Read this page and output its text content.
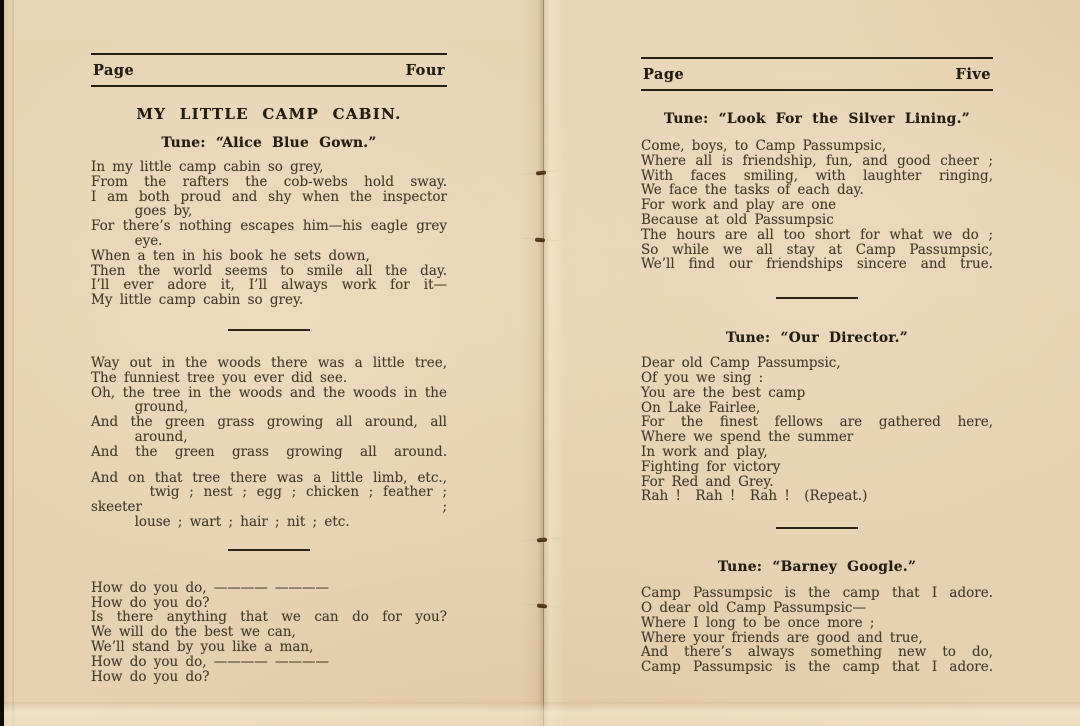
Page	Four
MY LITTLE CAMP CABIN.
Tune: “Alice Blue Gown.”
In my little camp cabin so grey,
From the rafters the cob-webs hold sway.
I am both proud and shy when the inspector
goes by,
For there’s nothing escapes him—his eagle grey
eye.
When a ten in his book he sets down,
Then the world seems to smile all the day.
I’ll ever adore it, I’ll always work for it—
My little camp cabin so grey.
Way out in the woods there was a little tree,
The funniest tree you ever did see.
Oh, the tree in the woods and the woods in the
ground,
And the green grass growing all around, all
around,
And the green grass growing all around.
And on that tree there was a little limb, etc.,
twig ; nest ; egg ; chicken ; feather ; skeeter ;
louse ; wart ; hair ; nit ; etc.
How do you do, ———— ————
How do you do?
Is there anything that we can do for you?
We will do the best we can,
We’ll stand by you like a man,
How do you do, ———— ————
How do you do?
Page	Five
Tune: “Look For the Silver Lining.”
Come, boys, to Camp Passumpsic,
Where all is friendship, fun, and good cheer ;
With faces smiling, with laughter ringing,
We face the tasks of each day.
For work and play are one
Because at old Passumpsic
The hours are all too short for what we do ;
So while we all stay at Camp Passumpsic,
We’ll find our friendships sincere and true.
Tune: “Our Director.”
Dear old Camp Passumpsic,
Of you we sing :
You are the best camp
On Lake Fairlee,
For the finest fellows are gathered here,
Where we spend the summer
In work and play,
Fighting for victory
For Red and Grey.
Rah !  Rah !  Rah !  (Repeat.)
Tune: “Barney Google.”
Camp Passumpsic is the camp that I adore.
O dear old Camp Passumpsic—
Where I long to be once more ;
Where your friends are good and true,
And there’s always something new to do,
Camp Passumpsic is the camp that I adore.
